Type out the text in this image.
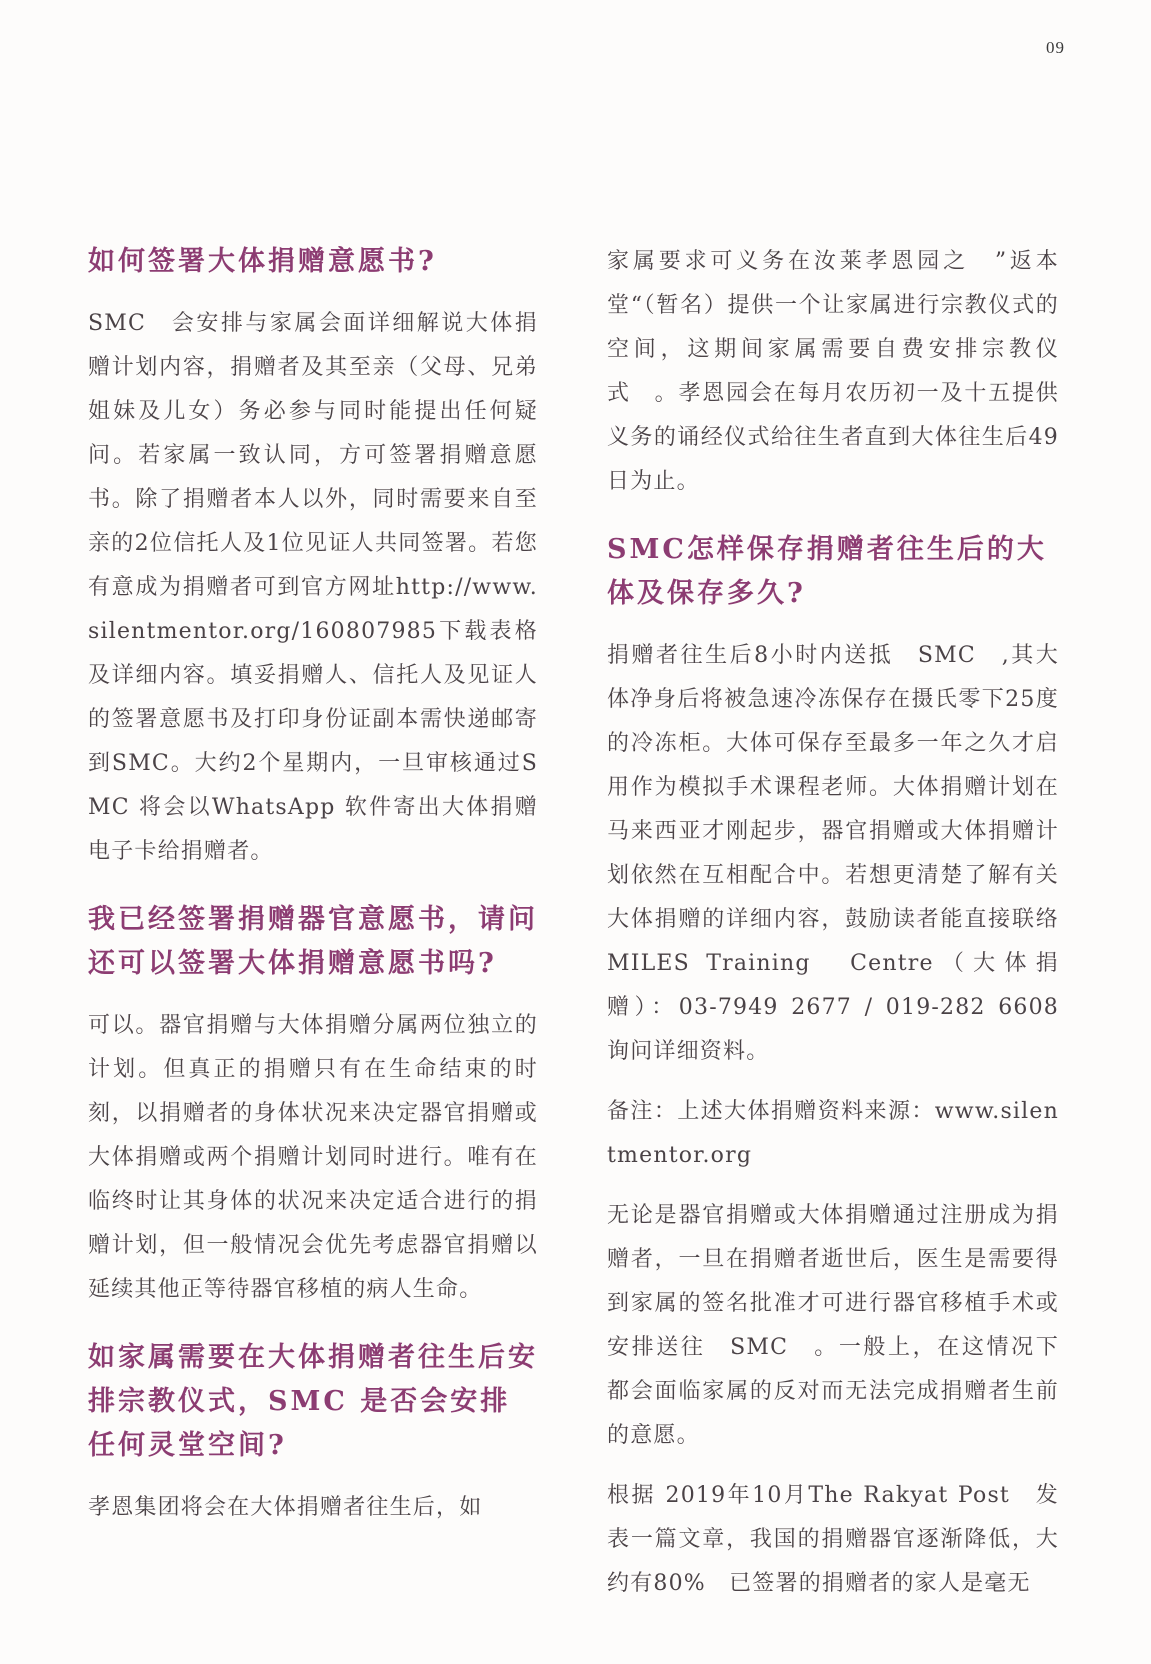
09
如何签署大体捐赠意愿书?

SMC　会安排与家属会面详细解说大体捐赠计划内容，捐赠者及其至亲（父母、兄弟姐妹及儿女）务必参与同时能提出任何疑问。若家属一致认同，方可签署捐赠意愿书。除了捐赠者本人以外，同时需要来自至亲的2位信托人及1位见证人共同签署。若您有意成为捐赠者可到官方网址http://www.silentmentor.org/160807985下载表格及详细内容。填妥捐赠人、信托人及见证人的签署意愿书及打印身份证副本需快递邮寄到SMC。大约2个星期内，一旦审核通过SMC 将会以WhatsApp 软件寄出大体捐赠电子卡给捐赠者。

我已经签署捐赠器官意愿书，请问还可以签署大体捐赠意愿书吗?

可以。器官捐赠与大体捐赠分属两位独立的计划。但真正的捐赠只有在生命结束的时刻，以捐赠者的身体状况来决定器官捐赠或大体捐赠或两个捐赠计划同时进行。唯有在临终时让其身体的状况来决定适合进行的捐赠计划，但一般情况会优先考虑器官捐赠以延续其他正等待器官移植的病人生命。

如家属需要在大体捐赠者往生后安排宗教仪式，SMC 是否会安排任何灵堂空间?

孝恩集团将会在大体捐赠者往生后，如

家属要求可义务在汝莱孝恩园之　”返本堂“（暂名）提供一个让家属进行宗教仪式的空间，这期间家属需要自费安排宗教仪式　。孝恩园会在每月农历初一及十五提供义务的诵经仪式给往生者直到大体往生后49日为止。

SMC怎样保存捐赠者往生后的大体及保存多久?

捐赠者往生后8小时内送抵　SMC　,其大体净身后将被急速冷冻保存在摄氏零下25度的冷冻柜。大体可保存至最多一年之久才启用作为模拟手术课程老师。大体捐赠计划在马来西亚才刚起步，器官捐赠或大体捐赠计划依然在互相配合中。若想更清楚了解有关大体捐赠的详细内容，鼓励读者能直接联络 MILES Training　Centre（大体捐赠）：03-7949 2677 / 019-282 6608 询问详细资料。

备注：上述大体捐赠资料来源：www.silentmentor.org

无论是器官捐赠或大体捐赠通过注册成为捐赠者，一旦在捐赠者逝世后，医生是需要得到家属的签名批准才可进行器官移植手术或安排送往　SMC　。一般上，在这情况下都会面临家属的反对而无法完成捐赠者生前的意愿。

根据 2019年10月The Rakyat Post　发表一篇文章，我国的捐赠器官逐渐降低，大约有80%　已签署的捐赠者的家人是毫无
